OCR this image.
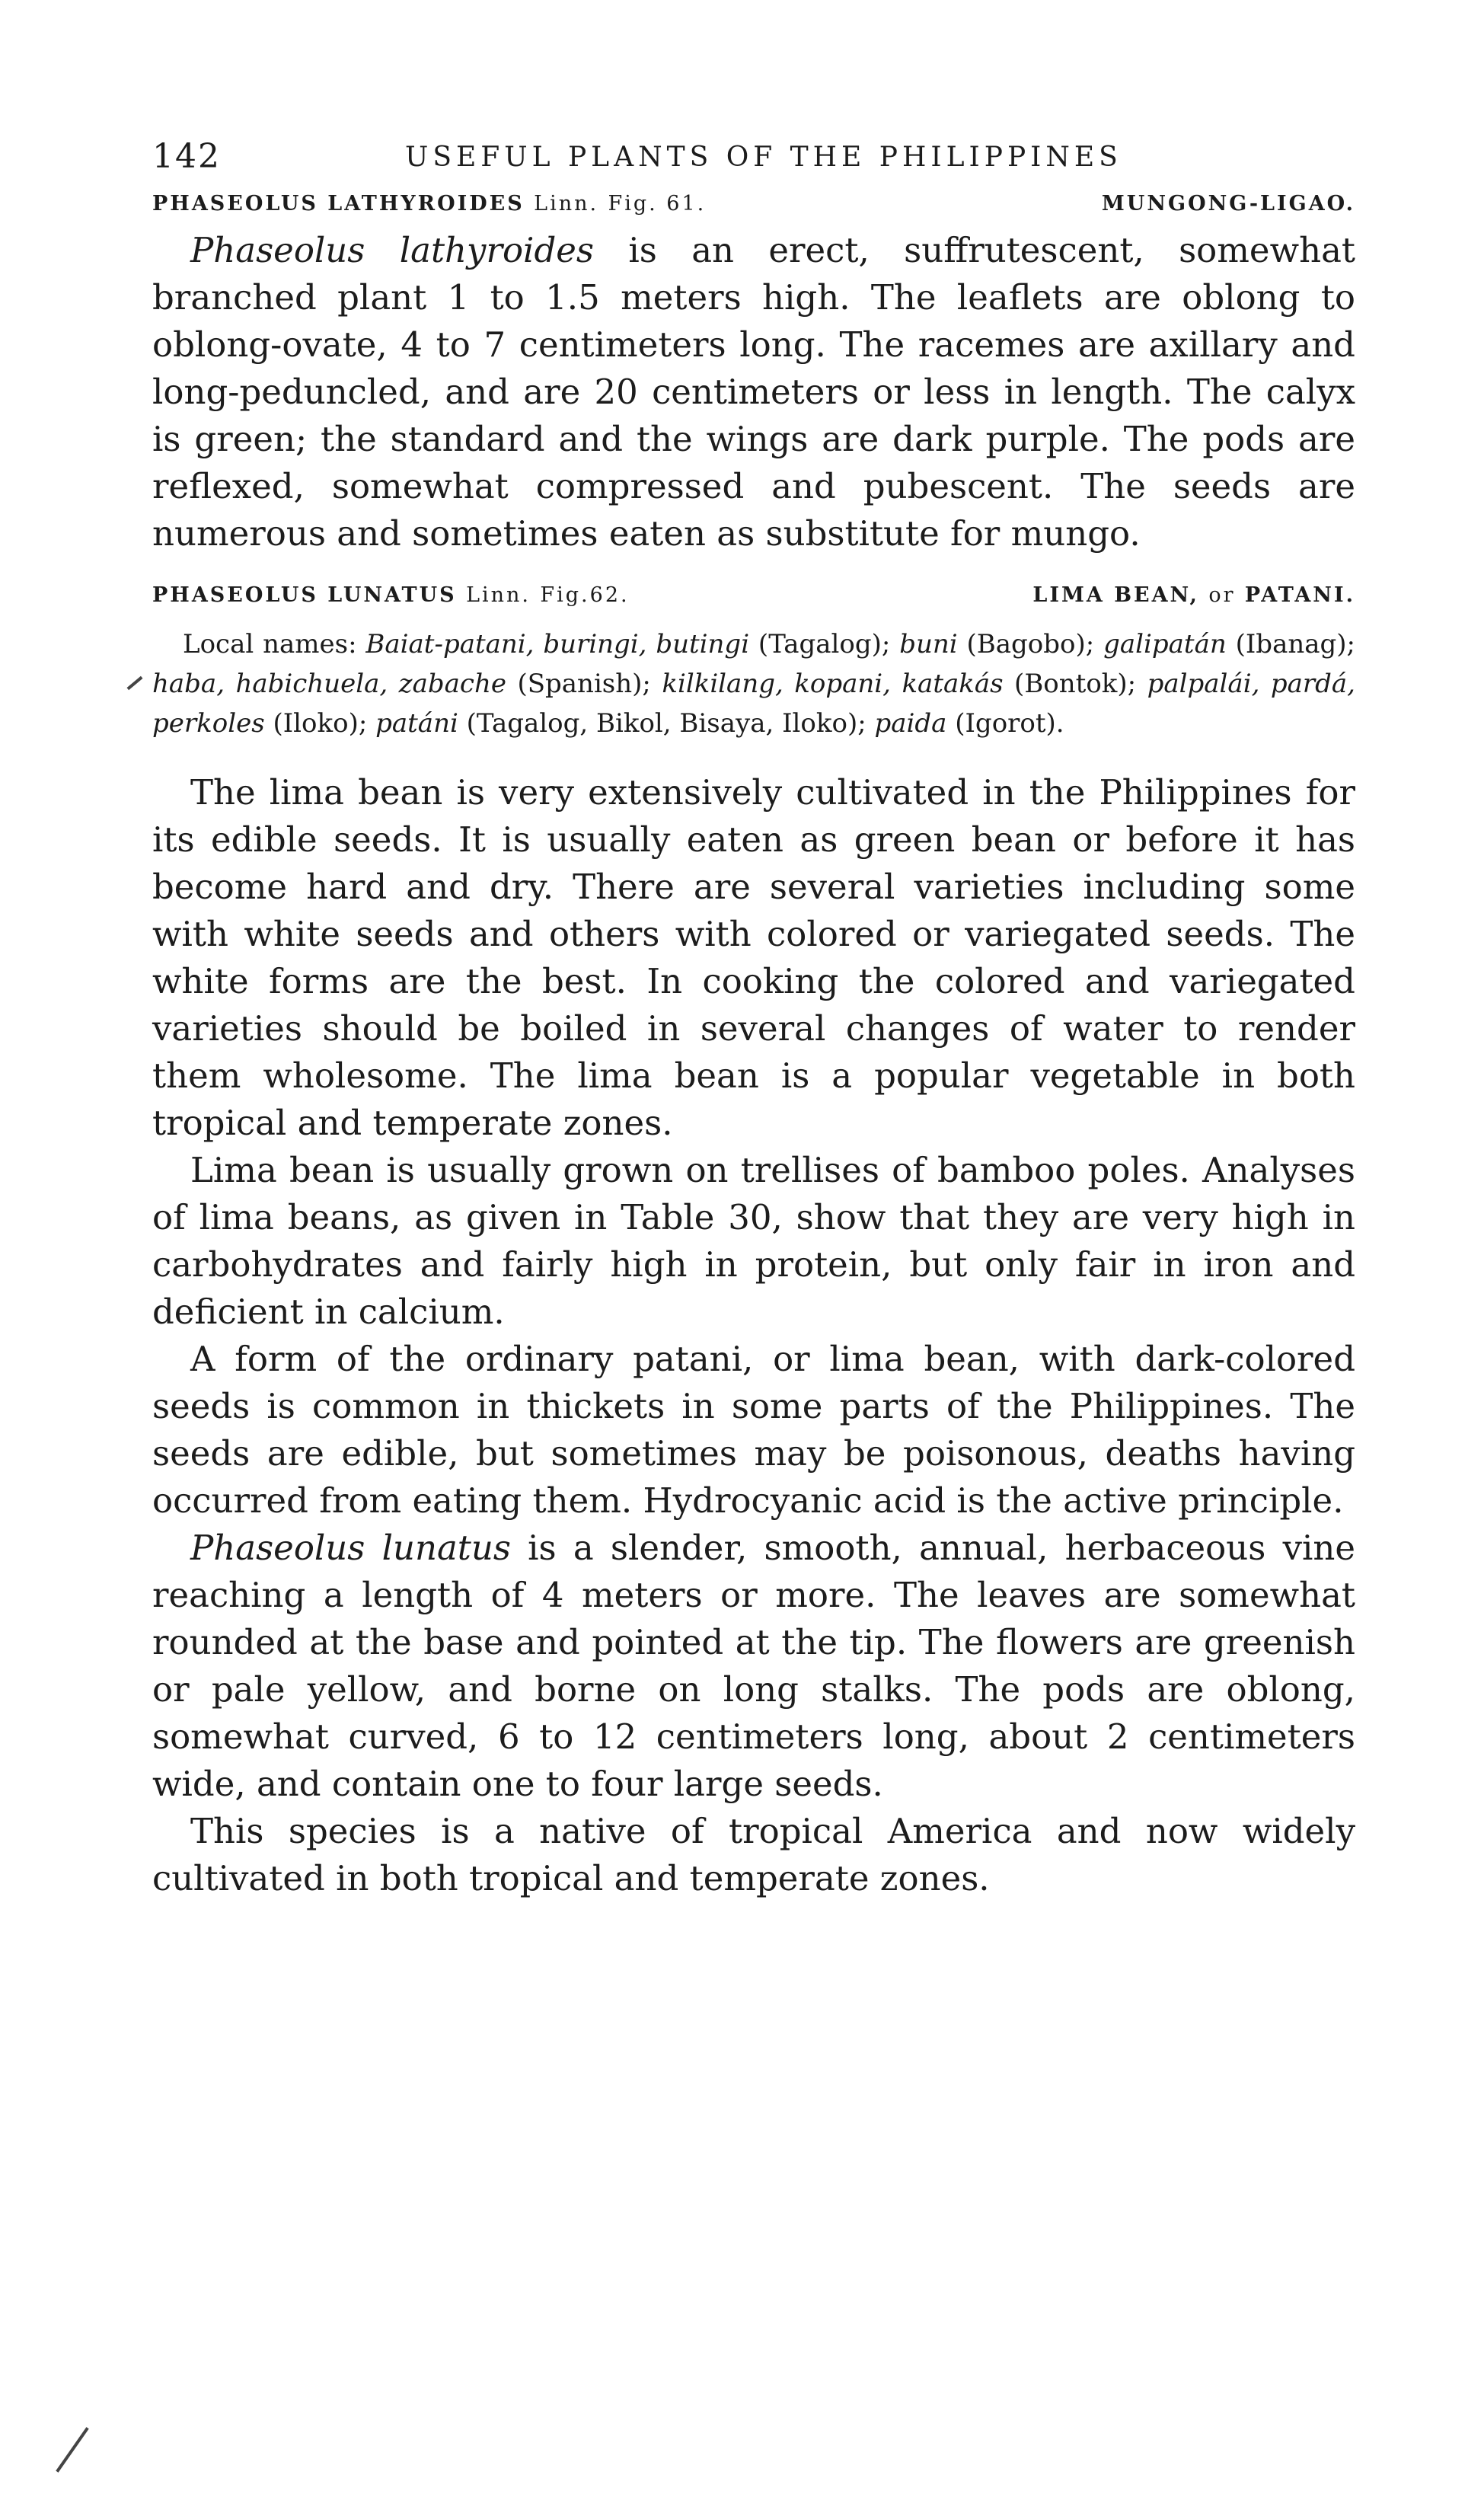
142	USEFUL PLANTS OF THE PHILIPPINES
PHASEOLUS LATHYROIDES Linn. Fig. 61.	MUNGONG-LIGAO.

Phaseolus lathyroides is an erect, suffrutescent, somewhat branched plant 1 to 1.5 meters high. The leaflets are oblong to oblong-ovate, 4 to 7 centimeters long. The racemes are axillary and long-peduncled, and are 20 centimeters or less in length. The calyx is green; the standard and the wings are dark purple. The pods are reflexed, somewhat compressed and pubescent. The seeds are numerous and sometimes eaten as substitute for mungo.

PHASEOLUS LUNATUS Linn. Fig.62.	LIMA BEAN, or PATANI.

Local names: Baiat-patani, buringi, butingi (Tagalog); buni (Bagobo); galipatán (Ibanag); haba, habichuela, zabache (Spanish); kilkilang, kopani, katakás (Bontok); palpalái, pardá, perkoles (Iloko); patáni (Tagalog, Bikol, Bisaya, Iloko); paida (Igorot).

The lima bean is very extensively cultivated in the Philippines for its edible seeds. It is usually eaten as green bean or before it has become hard and dry. There are several varieties including some with white seeds and others with colored or variegated seeds. The white forms are the best. In cooking the colored and variegated varieties should be boiled in several changes of water to render them wholesome. The lima bean is a popular vegetable in both tropical and temperate zones.

Lima bean is usually grown on trellises of bamboo poles. Analyses of lima beans, as given in Table 30, show that they are very high in carbohydrates and fairly high in protein, but only fair in iron and deficient in calcium.

A form of the ordinary patani, or lima bean, with dark-colored seeds is common in thickets in some parts of the Philippines. The seeds are edible, but sometimes may be poisonous, deaths having occurred from eating them. Hydrocyanic acid is the active principle.

Phaseolus lunatus is a slender, smooth, annual, herbaceous vine reaching a length of 4 meters or more. The leaves are somewhat rounded at the base and pointed at the tip. The flowers are greenish or pale yellow, and borne on long stalks. The pods are oblong, somewhat curved, 6 to 12 centimeters long, about 2 centimeters wide, and contain one to four large seeds.

This species is a native of tropical America and now widely cultivated in both tropical and temperate zones.
